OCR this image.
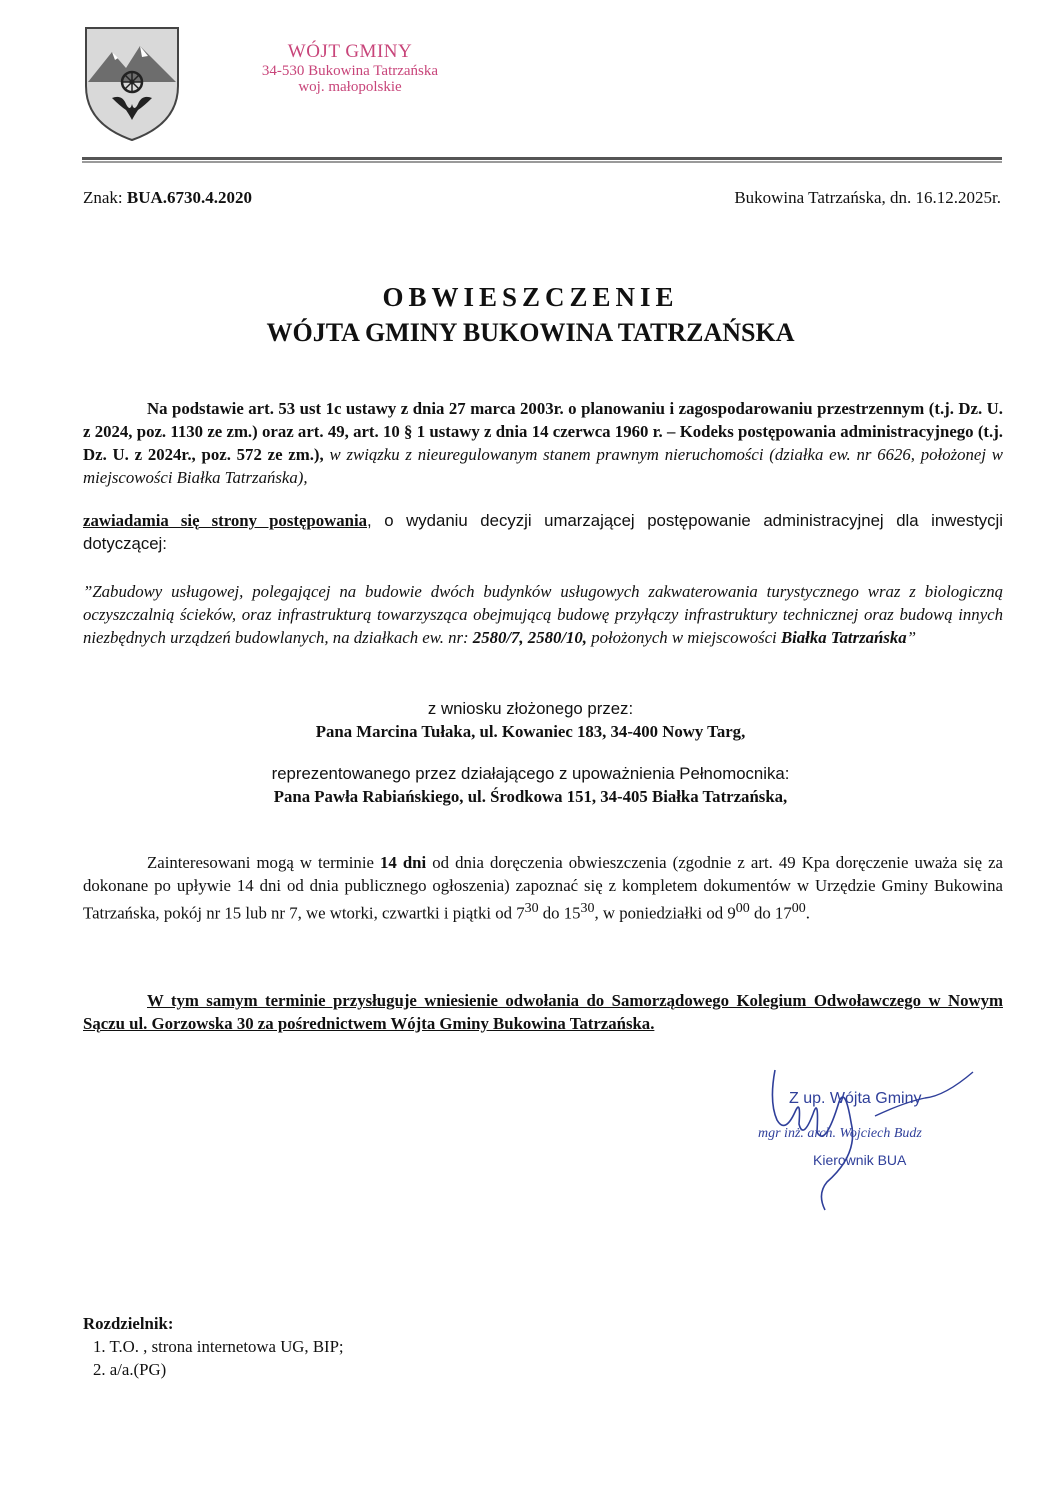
WÓJT GMINY
34-530 Bukowina Tatrzańska
woj. małopolskie
Znak: BUA.6730.4.2020	Bukowina Tatrzańska, dn. 16.12.2025r.
OBWIESZCZENIE
WÓJTA GMINY BUKOWINA TATRZAŃSKA
Na podstawie art. 53 ust 1c ustawy z dnia 27 marca 2003r. o planowaniu i zagospodarowaniu przestrzennym (t.j. Dz. U. z 2024, poz. 1130 ze zm.) oraz art. 49, art. 10 § 1 ustawy z dnia 14 czerwca 1960 r. – Kodeks postępowania administracyjnego (t.j. Dz. U. z 2024r., poz. 572 ze zm.), w związku z nieuregulowanym stanem prawnym nieruchomości (działka ew. nr 6626, położonej w miejscowości Białka Tatrzańska),
zawiadamia się strony postępowania, o wydaniu decyzji umarzającej postępowanie administracyjnej dla inwestycji dotyczącej:
”Zabudowy usługowej, polegającej na budowie dwóch budynków usługowych zakwaterowania turystycznego wraz z biologiczną oczyszczalnią ścieków, oraz infrastrukturą towarzysząca obejmującą budowę przyłączy infrastruktury technicznej oraz budową innych niezbędnych urządzeń budowlanych, na działkach ew. nr: 2580/7, 2580/10, położonych w miejscowości Białka Tatrzańska”
z wniosku złożonego przez:
Pana Marcina Tułaka, ul. Kowaniec 183, 34-400 Nowy Targ,
reprezentowanego przez działającego z upoważnienia Pełnomocnika:
Pana Pawła Rabiańskiego, ul. Środkowa 151, 34-405 Białka Tatrzańska,
Zainteresowani mogą w terminie 14 dni od dnia doręczenia obwieszczenia (zgodnie z art. 49 Kpa doręczenie uważa się za dokonane po upływie 14 dni od dnia publicznego ogłoszenia) zapoznać się z kompletem dokumentów w Urzędzie Gminy Bukowina Tatrzańska, pokój nr 15 lub nr 7, we wtorki, czwartki i piątki od $7^{30}$ do $15^{30}$, w poniedziałki od $9^{00}$ do $17^{00}$.
W tym samym terminie przysługuje wniesienie odwołania do Samorządowego Kolegium Odwoławczego w Nowym Sączu ul. Gorzowska 30 za pośrednictwem Wójta Gminy Bukowina Tatrzańska.
Z up. Wójta Gminy
mgr inż. arch. Wojciech Budz
Kierownik BUA
Rozdzielnik:
1. T.O. , strona internetowa UG, BIP;
2. a/a.(PG)
